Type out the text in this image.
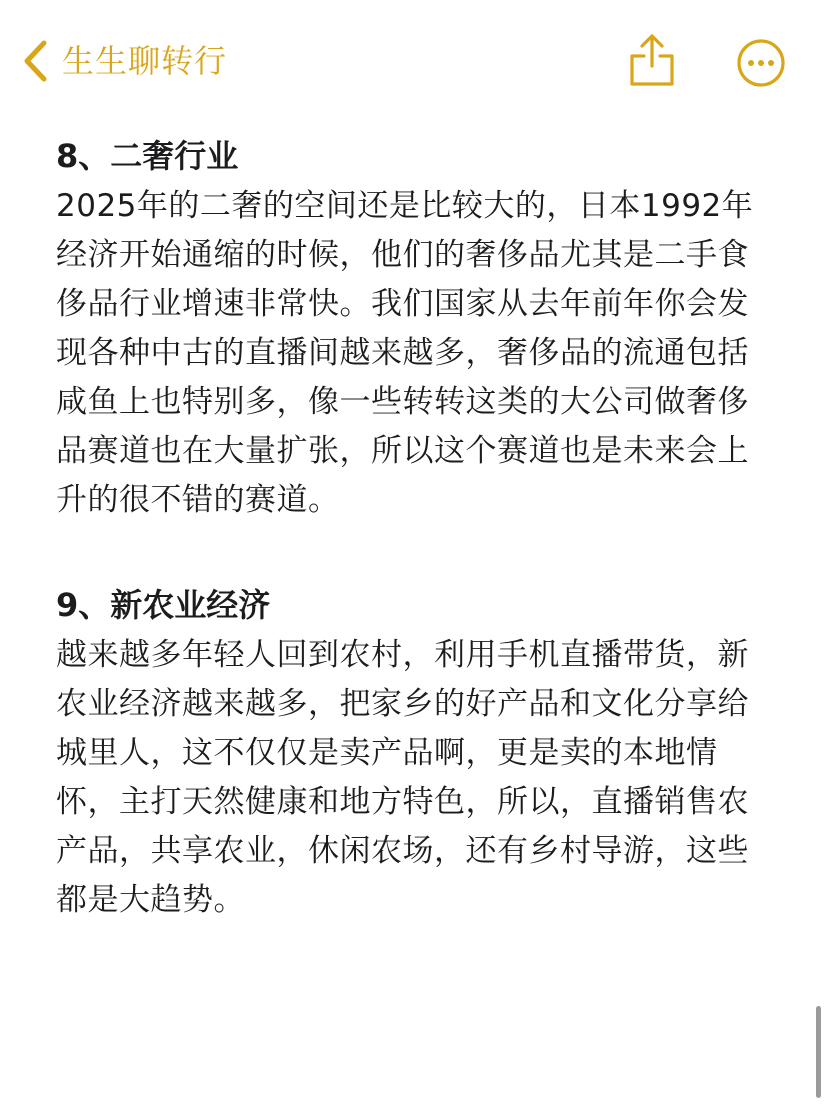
生生聊转行

8、二奢行业

2025年的二奢的空间还是比较大的，日本1992年经济开始通缩的时候，他们的奢侈品尤其是二手食侈品行业增速非常快。我们国家从去年前年你会发现各种中古的直播间越来越多，奢侈品的流通包括咸鱼上也特别多，像一些转转这类的大公司做奢侈品赛道也在大量扩张，所以这个赛道也是未来会上升的很不错的赛道。

9、新农业经济

越来越多年轻人回到农村，利用手机直播带货，新农业经济越来越多，把家乡的好产品和文化分享给城里人，这不仅仅是卖产品啊，更是卖的本地情怀，主打天然健康和地方特色，所以，直播销售农产品，共享农业，休闲农场，还有乡村导游，这些都是大趋势。
